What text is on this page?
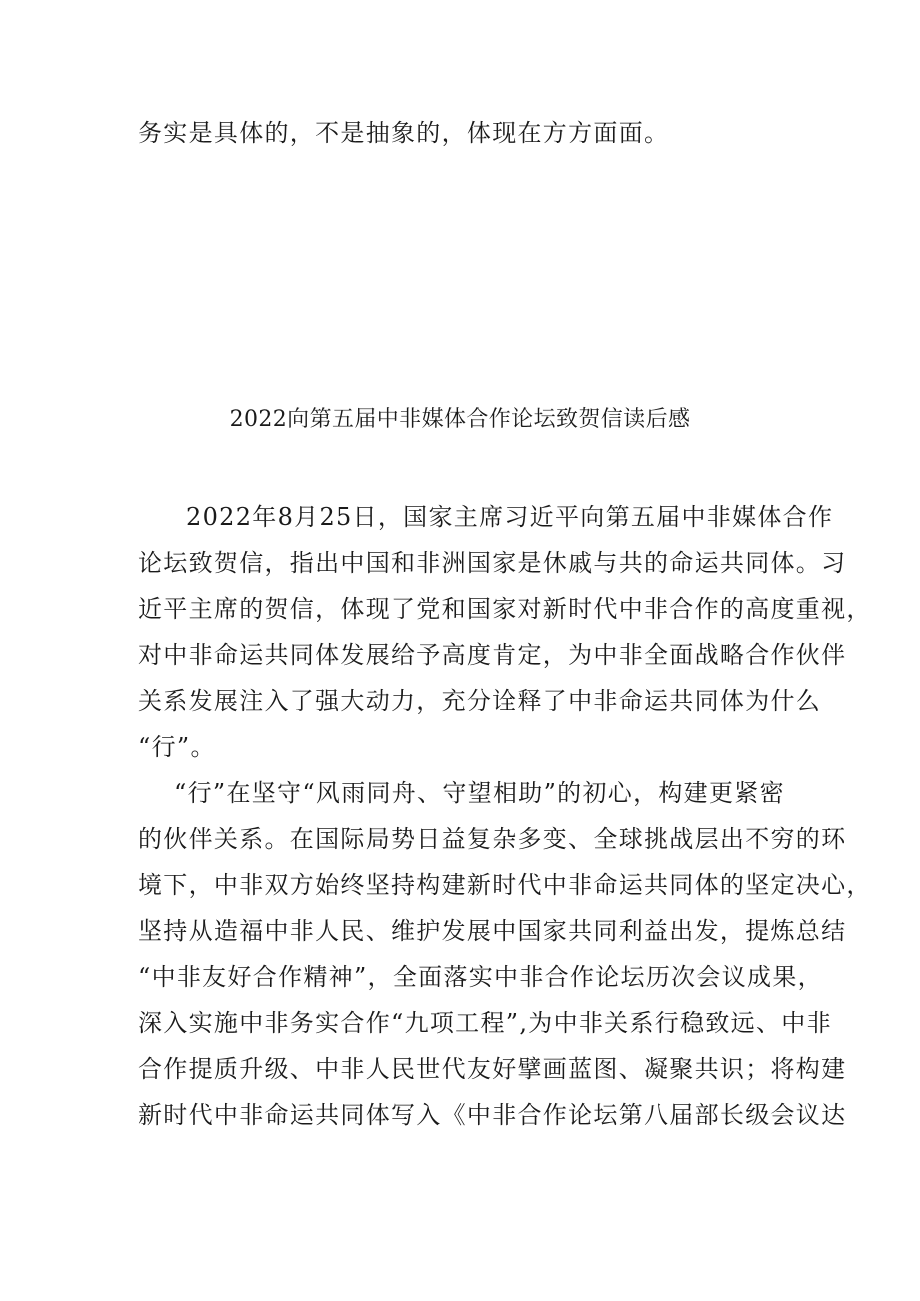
务实是具体的，不是抽象的，体现在方方面面。
2022向第五届中非媒体合作论坛致贺信读后感
2022年8月25日，国家主席习近平向第五届中非媒体合作
论坛致贺信，指出中国和非洲国家是休戚与共的命运共同体。习
近平主席的贺信，体现了党和国家对新时代中非合作的高度重视，
对中非命运共同体发展给予高度肯定，为中非全面战略合作伙伴
关系发展注入了强大动力，充分诠释了中非命运共同体为什么
“行”。
“行”在坚守“风雨同舟、守望相助”的初心，构建更紧密
的伙伴关系。在国际局势日益复杂多变、全球挑战层出不穷的环
境下，中非双方始终坚持构建新时代中非命运共同体的坚定决心，
坚持从造福中非人民、维护发展中国家共同利益出发，提炼总结
“中非友好合作精神”，全面落实中非合作论坛历次会议成果，
深入实施中非务实合作“九项工程”,为中非关系行稳致远、中非
合作提质升级、中非人民世代友好擘画蓝图、凝聚共识；将构建
新时代中非命运共同体写入《中非合作论坛第八届部长级会议达
